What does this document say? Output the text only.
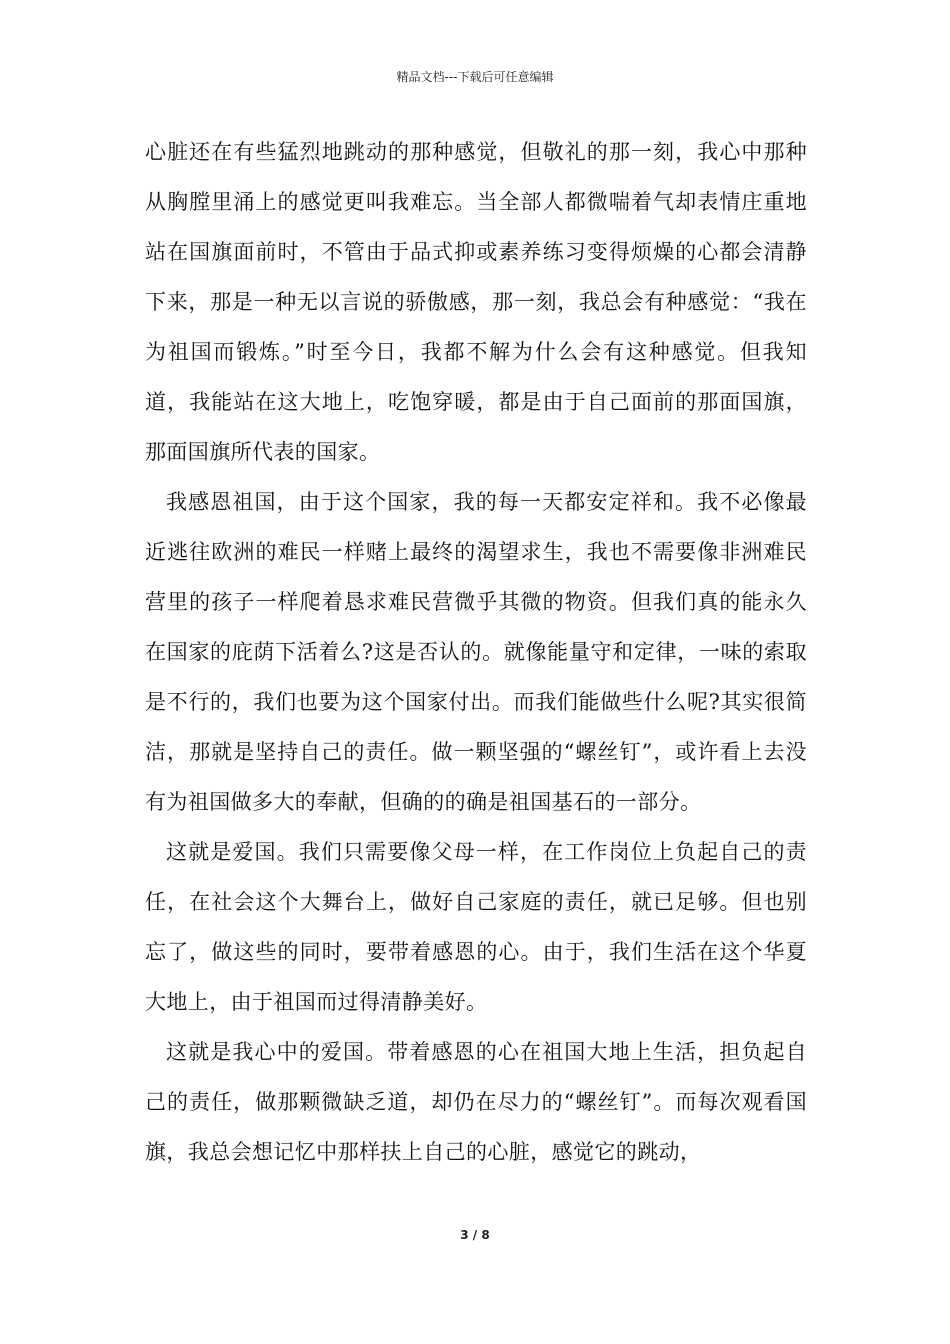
精品文档---下载后可任意编辑

心脏还在有些猛烈地跳动的那种感觉，但敬礼的那一刻，我心中那种从胸膛里涌上的感觉更叫我难忘。当全部人都微喘着气却表情庄重地站在国旗面前时，不管由于品式抑或素养练习变得烦燥的心都会清静下来，那是一种无以言说的骄傲感，那一刻，我总会有种感觉：“我在为祖国而锻炼。”时至今日，我都不解为什么会有这种感觉。但我知道，我能站在这大地上，吃饱穿暖，都是由于自己面前的那面国旗，那面国旗所代表的国家。

我感恩祖国，由于这个国家，我的每一天都安定祥和。我不必像最近逃往欧洲的难民一样赌上最终的渴望求生，我也不需要像非洲难民营里的孩子一样爬着恳求难民营微乎其微的物资。但我们真的能永久在国家的庇荫下活着么?这是否认的。就像能量守和定律，一味的索取是不行的，我们也要为这个国家付出。而我们能做些什么呢?其实很简洁，那就是坚持自己的责任。做一颗坚强的“螺丝钉”，或许看上去没有为祖国做多大的奉献，但确的的确是祖国基石的一部分。

这就是爱国。我们只需要像父母一样，在工作岗位上负起自己的责任，在社会这个大舞台上，做好自己家庭的责任，就已足够。但也别忘了，做这些的同时，要带着感恩的心。由于，我们生活在这个华夏大地上，由于祖国而过得清静美好。

这就是我心中的爱国。带着感恩的心在祖国大地上生活，担负起自己的责任，做那颗微缺乏道，却仍在尽力的“螺丝钉”。而每次观看国旗，我总会想记忆中那样扶上自己的心脏，感觉它的跳动，

3 / 8
